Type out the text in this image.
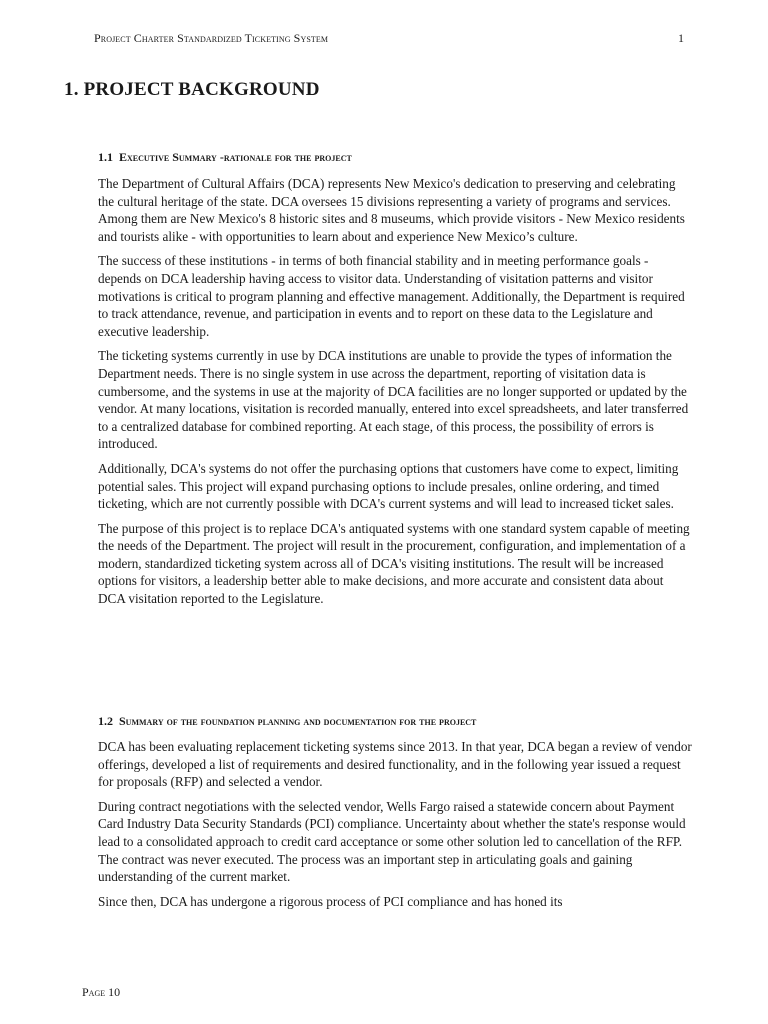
Project Charter Standardized Ticketing System	1
1. PROJECT BACKGROUND
1.1 Executive Summary -rationale for the project

The Department of Cultural Affairs (DCA) represents New Mexico's dedication to preserving and celebrating the cultural heritage of the state. DCA oversees 15 divisions representing a variety of programs and services. Among them are New Mexico's 8 historic sites and 8 museums, which provide visitors - New Mexico residents and tourists alike - with opportunities to learn about and experience New Mexico’s culture.

The success of these institutions - in terms of both financial stability and in meeting performance goals - depends on DCA leadership having access to visitor data. Understanding of visitation patterns and visitor motivations is critical to program planning and effective management. Additionally, the Department is required to track attendance, revenue, and participation in events and to report on these data to the Legislature and executive leadership.

The ticketing systems currently in use by DCA institutions are unable to provide the types of information the Department needs. There is no single system in use across the department, reporting of visitation data is cumbersome, and the systems in use at the majority of DCA facilities are no longer supported or updated by the vendor. At many locations, visitation is recorded manually, entered into excel spreadsheets, and later transferred to a centralized database for combined reporting. At each stage, of this process, the possibility of errors is introduced.

Additionally, DCA's systems do not offer the purchasing options that customers have come to expect, limiting potential sales. This project will expand purchasing options to include presales, online ordering, and timed ticketing, which are not currently possible with DCA's current systems and will lead to increased ticket sales.

The purpose of this project is to replace DCA's antiquated systems with one standard system capable of meeting the needs of the Department. The project will result in the procurement, configuration, and implementation of a modern, standardized ticketing system across all of DCA's visiting institutions. The result will be increased options for visitors, a leadership better able to make decisions, and more accurate and consistent data about DCA visitation reported to the Legislature.

1.2 Summary of the foundation planning and documentation for the project

DCA has been evaluating replacement ticketing systems since 2013. In that year, DCA began a review of vendor offerings, developed a list of requirements and desired functionality, and in the following year issued a request for proposals (RFP) and selected a vendor.

During contract negotiations with the selected vendor, Wells Fargo raised a statewide concern about Payment Card Industry Data Security Standards (PCI) compliance. Uncertainty about whether the state's response would lead to a consolidated approach to credit card acceptance or some other solution led to cancellation of the RFP. The contract was never executed. The process was an important step in articulating goals and gaining understanding of the current market.

Since then, DCA has undergone a rigorous process of PCI compliance and has honed its

Page 10
